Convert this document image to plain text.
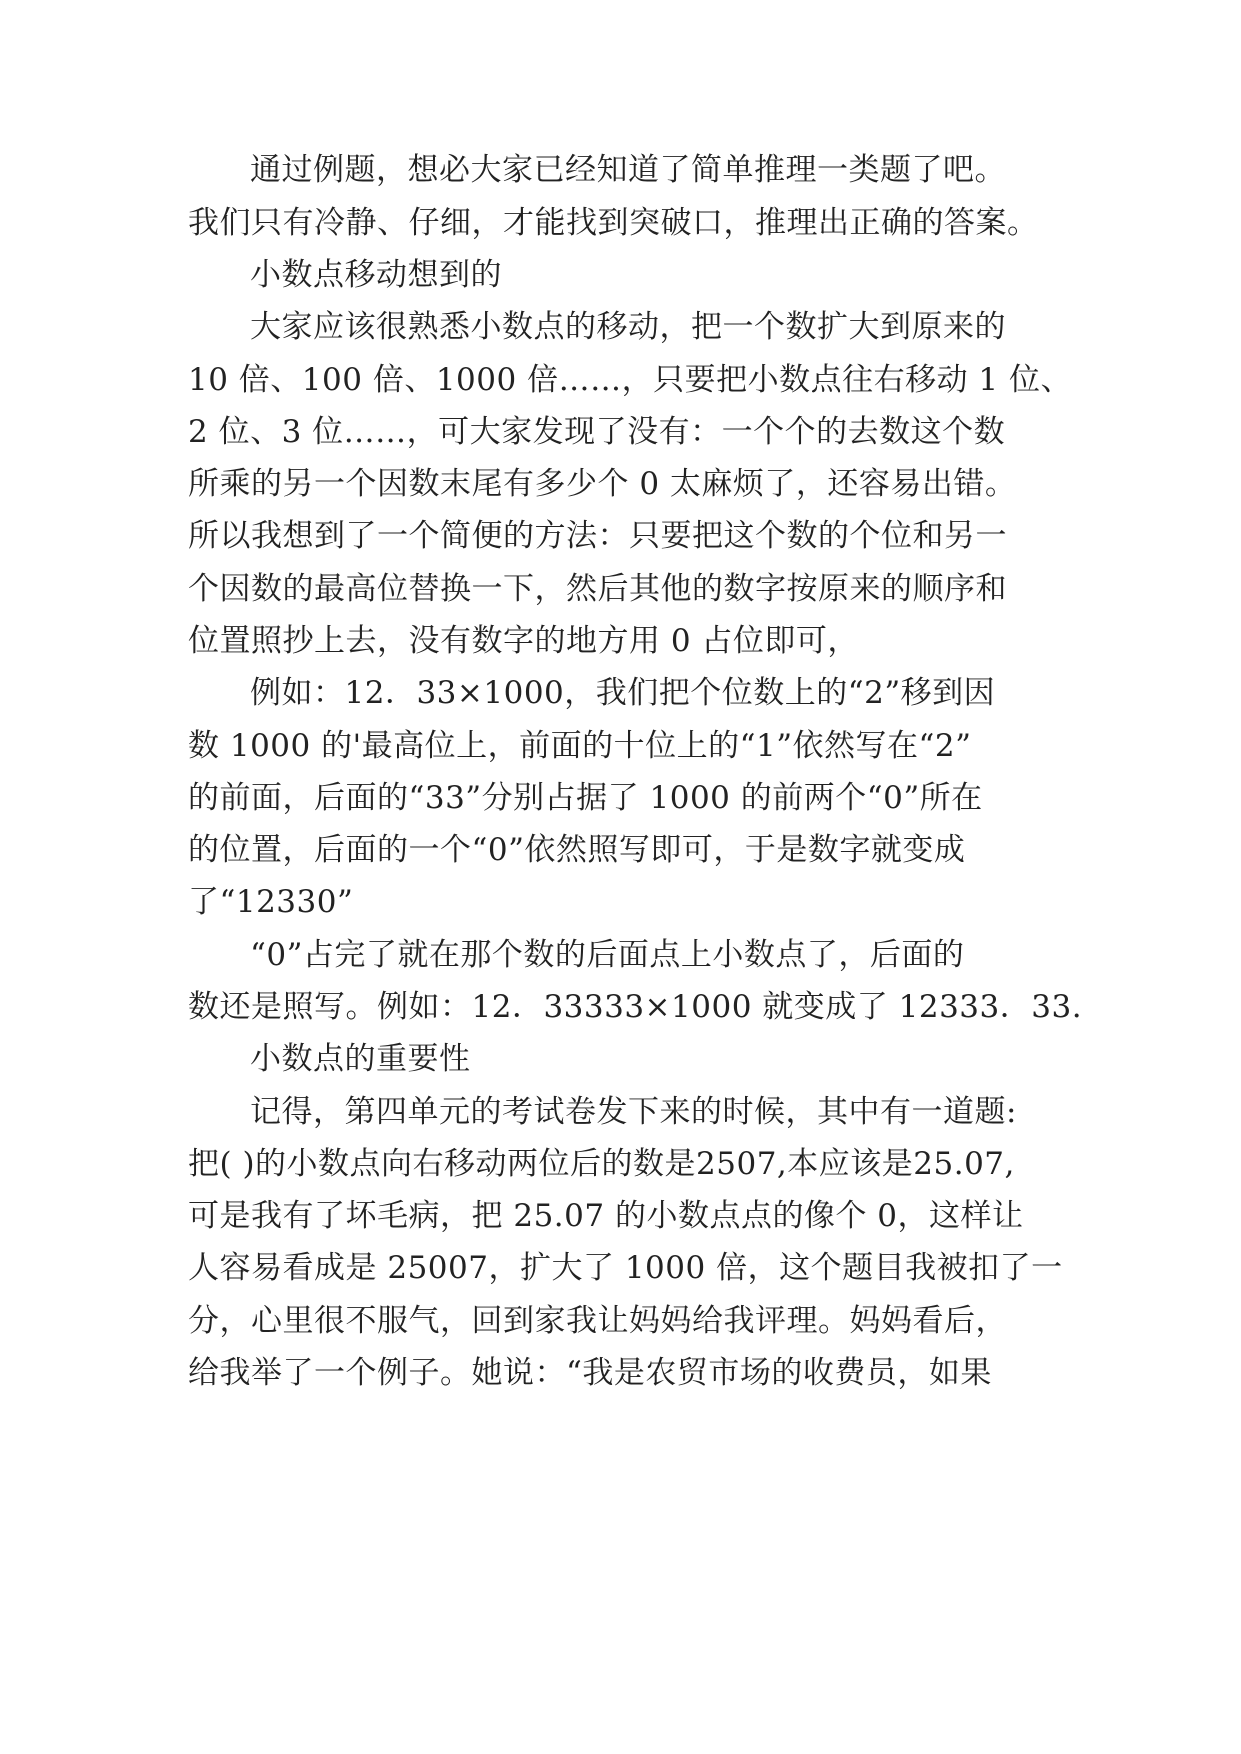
通过例题，想必大家已经知道了简单推理一类题了吧。
我们只有冷静、仔细，才能找到突破口，推理出正确的答案。
小数点移动想到的
大家应该很熟悉小数点的移动，把一个数扩大到原来的
10 倍、100 倍、1000 倍……，只要把小数点往右移动 1 位、
2 位、3 位……，可大家发现了没有：一个个的去数这个数
所乘的另一个因数末尾有多少个 0 太麻烦了，还容易出错。
所以我想到了一个简便的方法：只要把这个数的个位和另一
个因数的最高位替换一下，然后其他的数字按原来的顺序和
位置照抄上去，没有数字的地方用 0 占位即可，
例如：12．33×1000，我们把个位数上的“2”移到因
数 1000 的'最高位上，前面的十位上的“1”依然写在“2”
的前面，后面的“33”分别占据了 1000 的前两个“0”所在
的位置，后面的一个“0”依然照写即可，于是数字就变成
了“12330”
“0”占完了就在那个数的后面点上小数点了，后面的
数还是照写。例如：12．33333×1000 就变成了 12333．33.
小数点的重要性
记得，第四单元的考试卷发下来的时候，其中有一道题:
把( )的小数点向右移动两位后的数是2507,本应该是25.07,
可是我有了坏毛病，把 25.07 的小数点点的像个 0，这样让
人容易看成是 25007，扩大了 1000 倍，这个题目我被扣了一
分，心里很不服气，回到家我让妈妈给我评理。妈妈看后，
给我举了一个例子。她说：“我是农贸市场的收费员，如果
